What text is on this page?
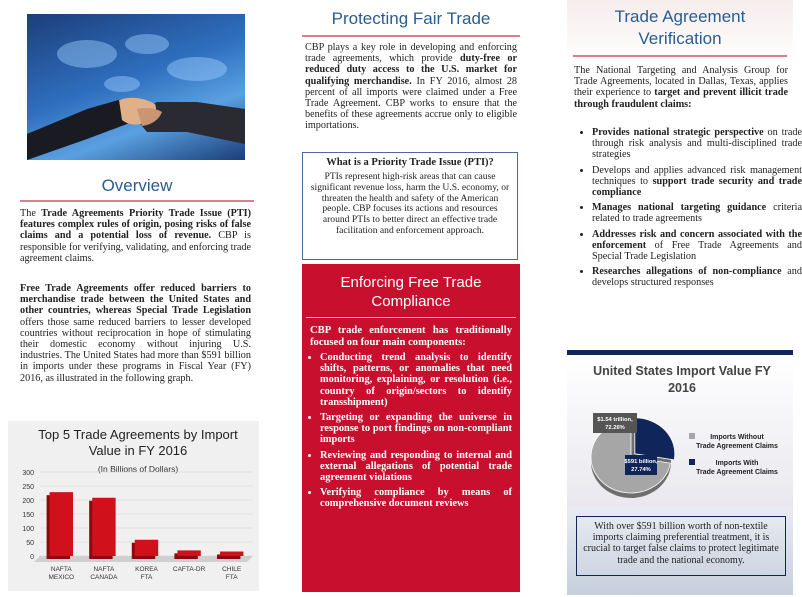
Overview
The Trade Agreements Priority Trade Issue (PTI) features complex rules of origin, posing risks of false claims and a potential loss of revenue. CBP is responsible for verifying, validating, and enforcing trade agreement claims.
Free Trade Agreements offer reduced barriers to merchandise trade between the United States and other countries, whereas Special Trade Legislation offers those same reduced barriers to lesser developed countries without reciprocation in hope of stimulating their domestic economy without injuring U.S. industries. The United States had more than $591 billion in imports under these programs in Fiscal Year (FY) 2016, as illustrated in the following graph.
Top 5 Trade Agreements by Import Value in FY 2016
(In Billions of Dollars)
0
50
100
150
200
250
300
NAFTA
MEXICO
NAFTA
CANADA
KOREA
FTA
CAFTA-DR	CHILE
FTA
Protecting Fair Trade
CBP plays a key role in developing and enforcing trade agreements, which provide duty-free or reduced duty access to the U.S. market for qualifying merchandise. In FY 2016, almost 28 percent of all imports were claimed under a Free Trade Agreement. CBP works to ensure that the benefits of these agreements accrue only to eligible importations.
What is a Priority Trade Issue (PTI)?
PTIs represent high-risk areas that can cause significant revenue loss, harm the U.S. economy, or threaten the health and safety of the American people. CBP focuses its actions and resources around PTIs to better direct an effective trade facilitation and enforcement approach.
Enforcing Free Trade Compliance
CBP trade enforcement has traditionally focused on four main components:
• Conducting trend analysis to identify shifts, patterns, or anomalies that need monitoring, explaining, or resolution (i.e., country of origin/sectors to identify transshipment)
• Targeting or expanding the universe in response to port findings on non-compliant imports
• Reviewing and responding to internal and external allegations of potential trade agreement violations
• Verifying compliance by means of comprehensive document reviews
Trade Agreement Verification
The National Targeting and Analysis Group for Trade Agreements, located in Dallas, Texas, applies their experience to target and prevent illicit trade through fraudulent claims:
• Provides national strategic perspective on trade through risk analysis and multi-disciplined trade strategies
• Develops and applies advanced risk management techniques to support trade security and trade compliance
• Manages national targeting guidance criteria related to trade agreements
• Addresses risk and concern associated with the enforcement of Free Trade Agreements and Special Trade Legislation
• Researches allegations of non-compliance and develops structured responses
United States Import Value FY 2016
$1.54 trillion,
72.26%
$591 billion,
27.74%
Imports Without
Trade Agreement Claims
Imports With
Trade Agreement Claims
With over $591 billion worth of non-textile imports claiming preferential treatment, it is crucial to target false claims to protect legitimate trade and the national economy.
